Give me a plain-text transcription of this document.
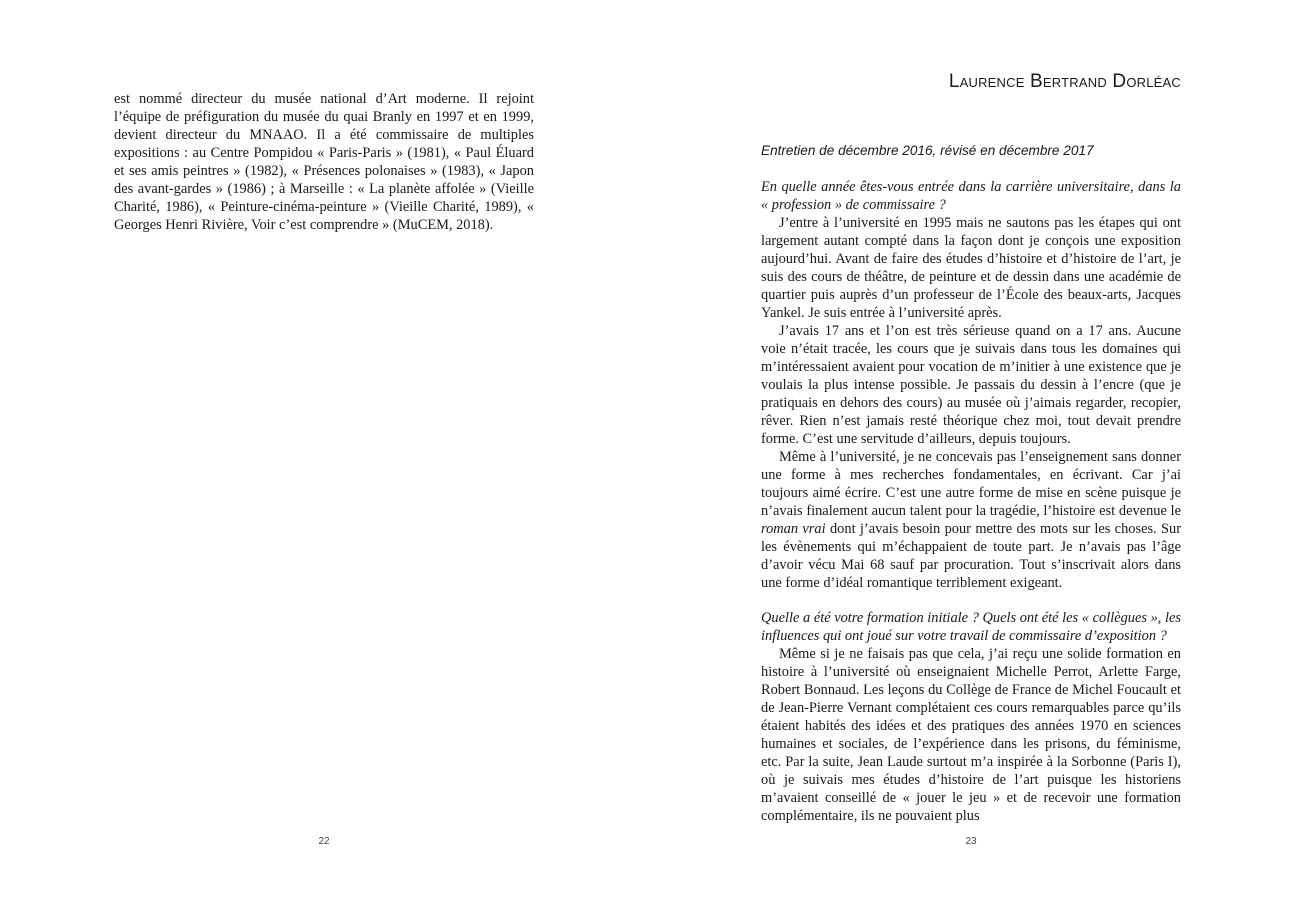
est nommé directeur du musée national d’Art moderne. Il rejoint l’équipe de préfiguration du musée du quai Branly en 1997 et en 1999, devient directeur du MNAAO. Il a été commissaire de multiples expositions : au Centre Pompidou « Paris-Paris » (1981), « Paul Éluard et ses amis peintres » (1982), « Présences polonaises » (1983), « Japon des avant-gardes » (1986) ; à Marseille : « La planète affolée » (Vieille Charité, 1986), « Peinture-cinéma-peinture » (Vieille Charité, 1989), « Georges Henri Rivière, Voir c’est comprendre » (MuCEM, 2018).

22
Laurence Bertrand Dorléac
Entretien de décembre 2016, révisé en décembre 2017

En quelle année êtes-vous entrée dans la carrière universitaire, dans la « profession » de commissaire ?

J’entre à l’université en 1995 mais ne sautons pas les étapes qui ont largement autant compté dans la façon dont je conçois une exposition aujourd’hui. Avant de faire des études d’histoire et d’histoire de l’art, je suis des cours de théâtre, de peinture et de dessin dans une académie de quartier puis auprès d’un professeur de l’École des beaux-arts, Jacques Yankel. Je suis entrée à l’université après.

J’avais 17 ans et l’on est très sérieuse quand on a 17 ans. Aucune voie n’était tracée, les cours que je suivais dans tous les domaines qui m’intéressaient avaient pour vocation de m’initier à une existence que je voulais la plus intense possible. Je passais du dessin à l’encre (que je pratiquais en dehors des cours) au musée où j’aimais regarder, recopier, rêver. Rien n’est jamais resté théorique chez moi, tout devait prendre forme. C’est une servitude d’ailleurs, depuis toujours.

Même à l’université, je ne concevais pas l’enseignement sans donner une forme à mes recherches fondamentales, en écrivant. Car j’ai toujours aimé écrire. C’est une autre forme de mise en scène puisque je n’avais finalement aucun talent pour la tragédie, l’histoire est devenue le roman vrai dont j’avais besoin pour mettre des mots sur les choses. Sur les évènements qui m’échappaient de toute part. Je n’avais pas l’âge d’avoir vécu Mai 68 sauf par procuration. Tout s’inscrivait alors dans une forme d’idéal romantique terriblement exigeant.

Quelle a été votre formation initiale ? Quels ont été les « collègues », les influences qui ont joué sur votre travail de commissaire d’exposition ?

Même si je ne faisais pas que cela, j’ai reçu une solide formation en histoire à l’université où enseignaient Michelle Perrot, Arlette Farge, Robert Bonnaud. Les leçons du Collège de France de Michel Foucault et de Jean-Pierre Vernant complétaient ces cours remarquables parce qu’ils étaient habités des idées et des pratiques des années 1970 en sciences humaines et sociales, de l’expérience dans les prisons, du féminisme, etc. Par la suite, Jean Laude surtout m’a inspirée à la Sorbonne (Paris I), où je suivais mes études d’histoire de l’art puisque les historiens m’avaient conseillé de « jouer le jeu » et de recevoir une formation complémentaire, ils ne pouvaient plus

23
